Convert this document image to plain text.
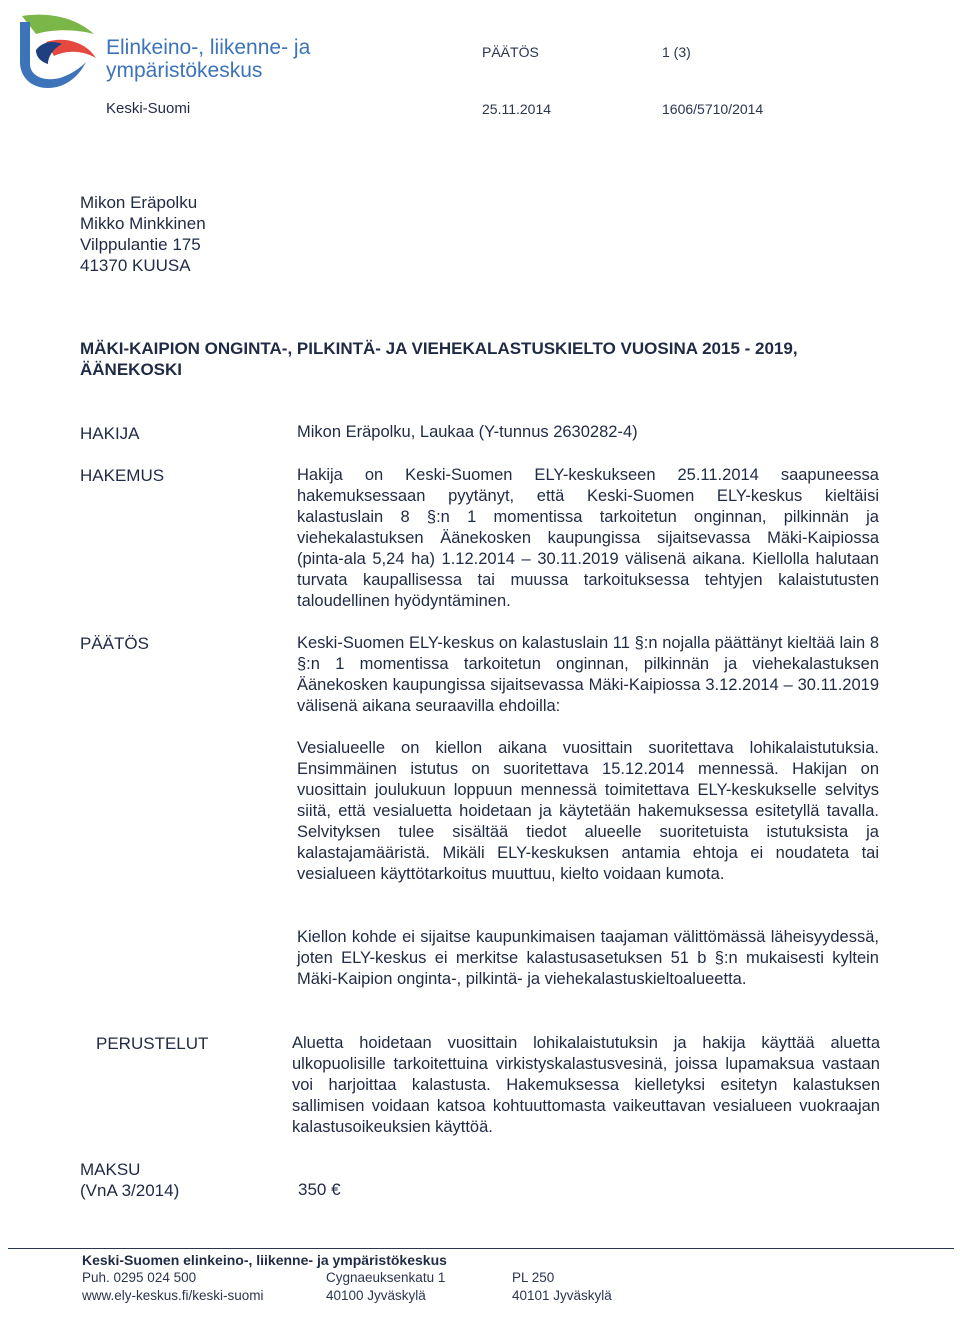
Elinkeino-, liikenne- ja
ympäristökeskus
PÄÄTÖS	1 (3)
Keski-Suomi	25.11.2014	1606/5710/2014
Mikon Eräpolku
Mikko Minkkinen
Vilppulantie 175
41370 KUUSA
MÄKI-KAIPION ONGINTA-, PILKINTÄ- JA VIEHEKALASTUSKIELTO VUOSINA 2015 - 2019, ÄÄNEKOSKI
HAKIJA	Mikon Eräpolku, Laukaa (Y-tunnus 2630282-4)
HAKEMUS	Hakija on Keski-Suomen ELY-keskukseen 25.11.2014 saapuneessa hakemuksessaan pyytänyt, että Keski-Suomen ELY-keskus kieltäisi kalastuslain 8 §:n 1 momentissa tarkoitetun onginnan, pilkinnän ja viehekalastuksen Äänekosken kaupungissa sijaitsevassa Mäki-Kaipiossa (pinta-ala 5,24 ha) 1.12.2014 – 30.11.2019 välisenä aikana. Kiellolla halutaan turvata kaupallisessa tai muussa tarkoituksessa tehtyjen kalaistutusten taloudellinen hyödyntäminen.
PÄÄTÖS	Keski-Suomen ELY-keskus on kalastuslain 11 §:n nojalla päättänyt kieltää lain 8 §:n 1 momentissa tarkoitetun onginnan, pilkinnän ja viehekalastuksen Äänekosken kaupungissa sijaitsevassa Mäki-Kaipiossa 3.12.2014 – 30.11.2019 välisenä aikana seuraavilla ehdoilla:
Vesialueelle on kiellon aikana vuosittain suoritettava lohikalaistutuksia. Ensimmäinen istutus on suoritettava 15.12.2014 mennessä. Hakijan on vuosittain joulukuun loppuun mennessä toimitettava ELY-keskukselle selvitys siitä, että vesialuetta hoidetaan ja käytetään hakemuksessa esitetyllä tavalla. Selvityksen tulee sisältää tiedot alueelle suoritetuista istutuksista ja kalastajamääristä. Mikäli ELY-keskuksen antamia ehtoja ei noudateta tai vesialueen käyttötarkoitus muuttuu, kielto voidaan kumota.
Kiellon kohde ei sijaitse kaupunkimaisen taajaman välittömässä läheisyydessä, joten ELY-keskus ei merkitse kalastusasetuksen 51 b §:n mukaisesti kyltein Mäki-Kaipion onginta-, pilkintä- ja viehekalastuskieltoalueetta.
PERUSTELUT	Aluetta hoidetaan vuosittain lohikalaistutuksin ja hakija käyttää aluetta ulkopuolisille tarkoitettuina virkistyskalastusvesinä, joissa lupamaksua vastaan voi harjoittaa kalastusta. Hakemuksessa kielletyksi esitetyn kalastuksen sallimisen voidaan katsoa kohtuuttomasta vaikeuttavan vesialueen vuokraajan kalastusoikeuksien käyttöä.
MAKSU
(VnA 3/2014)	350 €
Keski-Suomen elinkeino-, liikenne- ja ympäristökeskus
Puh. 0295 024 500
www.ely-keskus.fi/keski-suomi
Cygnaeuksenkatu 1
40100 Jyväskylä
PL 250
40101 Jyväskylä
